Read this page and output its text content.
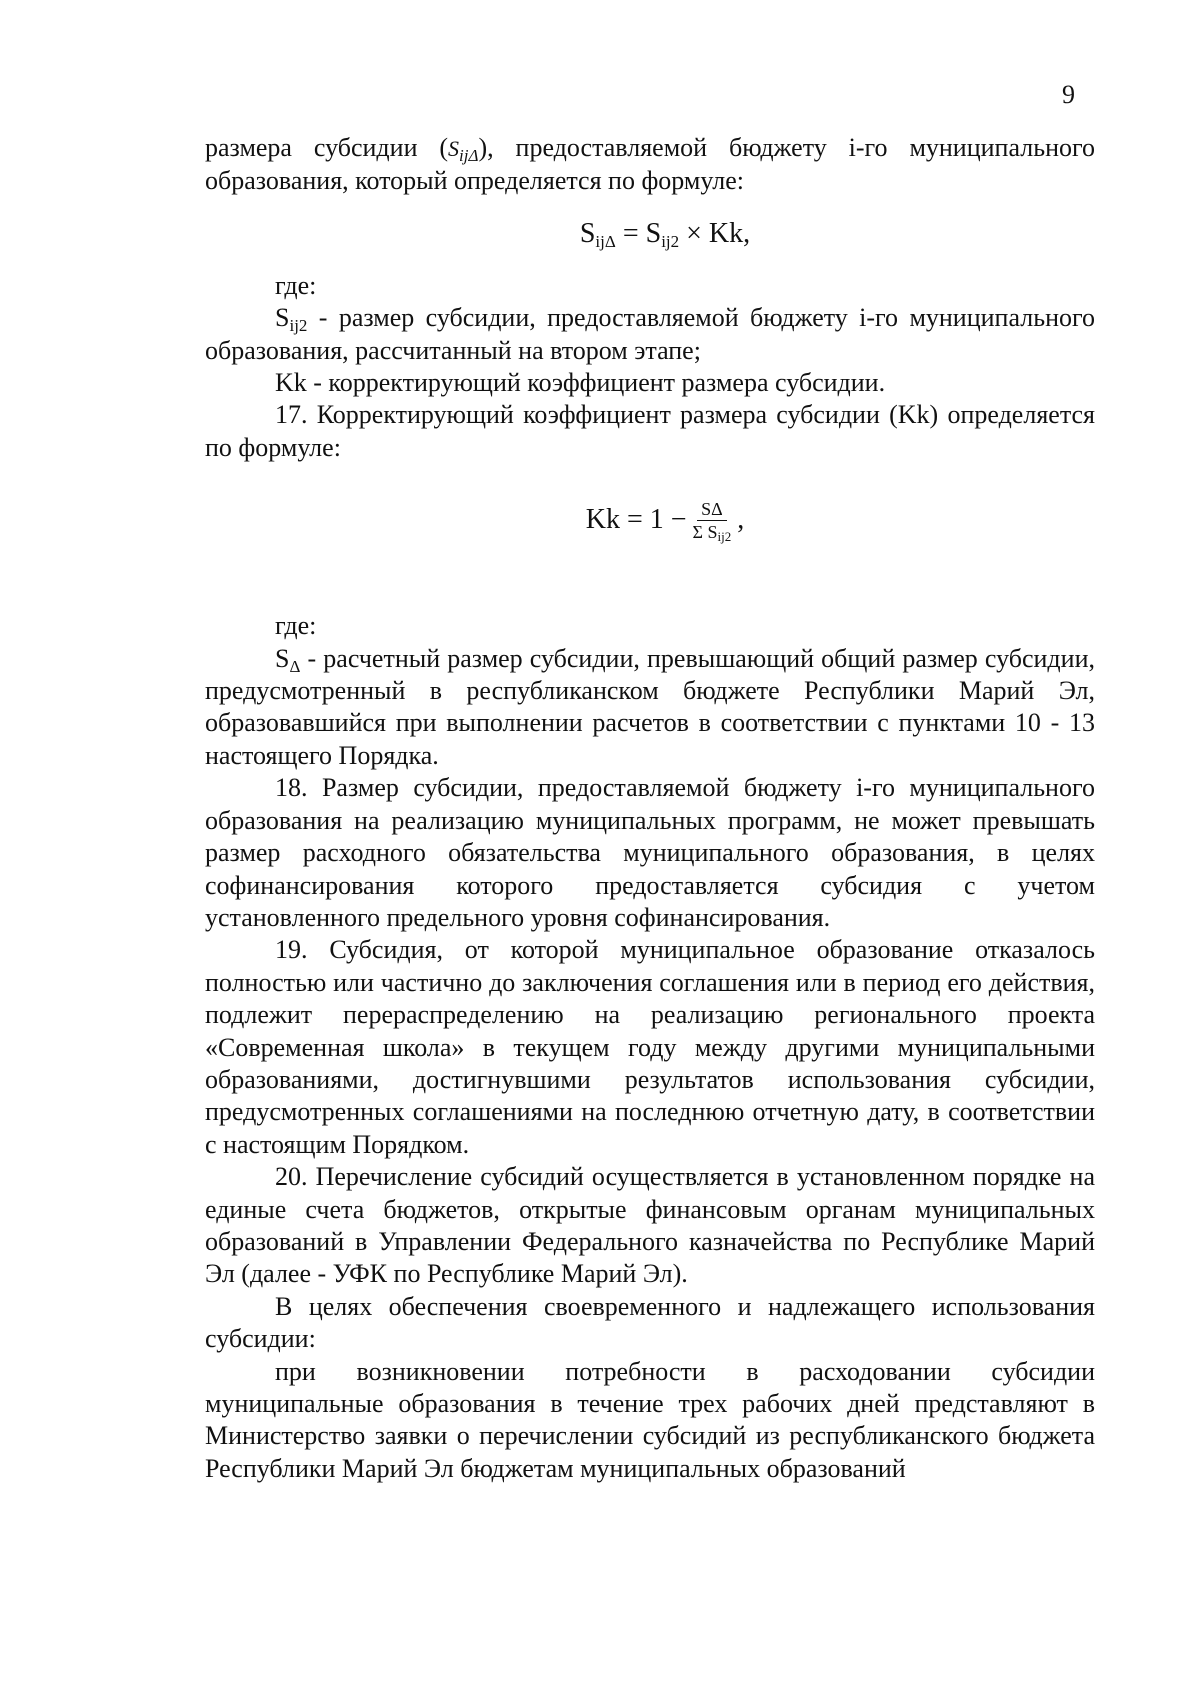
9

размера субсидии $(S_{ij\Delta})$, предоставляемой бюджету i-го муниципального образования, который определяется по формуле:

$S_{ij\Delta} = S_{ij2} \times Kk$,

где:

$S_{ij2}$ - размер субсидии, предоставляемой бюджету i-го муниципального образования, рассчитанный на втором этапе;

Kk - корректирующий коэффициент размера субсидии.

17. Корректирующий коэффициент размера субсидии (Kk) определяется по формуле:

$Kk = 1 - \frac{S\Delta}{\Sigma S_{ij2}}$ ,

где:

$S_\Delta$ - расчетный размер субсидии, превышающий общий размер субсидии, предусмотренный в республиканском бюджете Республики Марий Эл, образовавшийся при выполнении расчетов в соответствии с пунктами 10 - 13 настоящего Порядка.

18. Размер субсидии, предоставляемой бюджету i-го муниципального образования на реализацию муниципальных программ, не может превышать размер расходного обязательства муниципального образования, в целях софинансирования которого предоставляется субсидия с учетом установленного предельного уровня софинансирования.

19. Субсидия, от которой муниципальное образование отказалось полностью или частично до заключения соглашения или в период его действия, подлежит перераспределению на реализацию регионального проекта «Современная школа» в текущем году между другими муниципальными образованиями, достигнувшими результатов использования субсидии, предусмотренных соглашениями на последнюю отчетную дату, в соответствии с настоящим Порядком.

20. Перечисление субсидий осуществляется в установленном порядке на единые счета бюджетов, открытые финансовым органам муниципальных образований в Управлении Федерального казначейства по Республике Марий Эл (далее - УФК по Республике Марий Эл).

В целях обеспечения своевременного и надлежащего использования субсидии:

при возникновении потребности в расходовании субсидии муниципальные образования в течение трех рабочих дней представляют в Министерство заявки о перечислении субсидий из республиканского бюджета Республики Марий Эл бюджетам муниципальных образований
